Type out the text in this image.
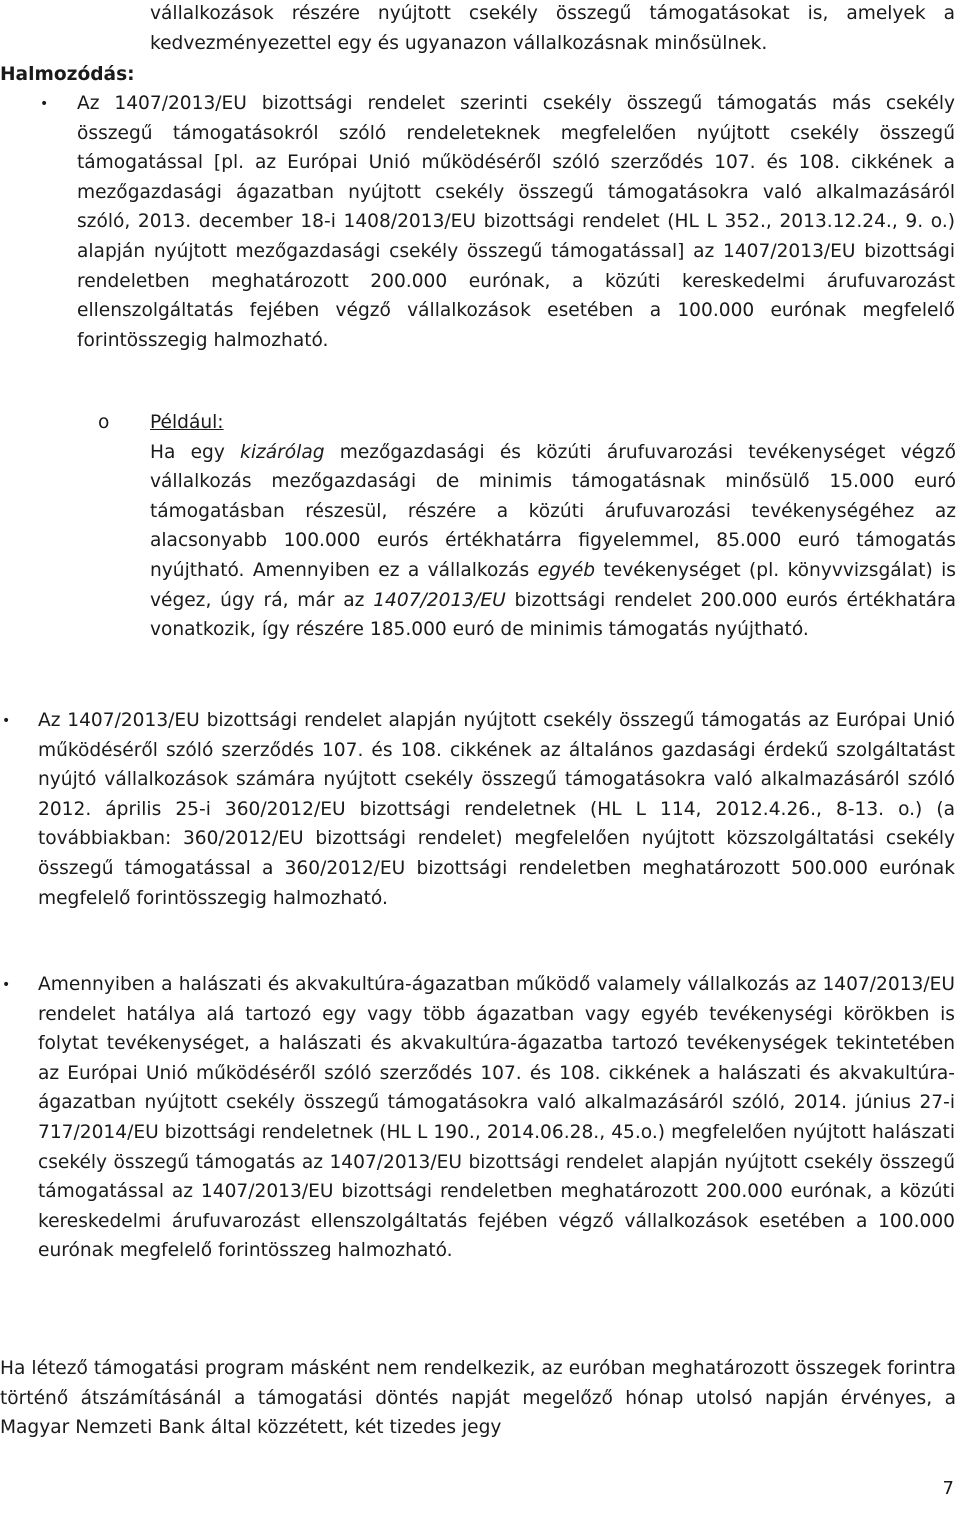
vállalkozások részére nyújtott csekély összegű támogatásokat is, amelyek a kedvezményezettel egy és ugyanazon vállalkozásnak minősülnek.

Halmozódás:

• Az 1407/2013/EU bizottsági rendelet szerinti csekély összegű támogatás más csekély összegű támogatásokról szóló rendeleteknek megfelelően nyújtott csekély összegű támogatással [pl. az Európai Unió működéséről szóló szerződés 107. és 108. cikkének a mezőgazdasági ágazatban nyújtott csekély összegű támogatásokra való alkalmazásáról szóló, 2013. december 18-i 1408/2013/EU bizottsági rendelet (HL L 352., 2013.12.24., 9. o.) alapján nyújtott mezőgazdasági csekély összegű támogatással] az 1407/2013/EU bizottsági rendeletben meghatározott 200.000 eurónak, a közúti kereskedelmi árufuvarozást ellenszolgáltatás fejében végző vállalkozások esetében a 100.000 eurónak megfelelő forintösszegig halmozható.

o Például:

Ha egy kizárólag mezőgazdasági és közúti árufuvarozási tevékenységet végző vállalkozás mezőgazdasági de minimis támogatásnak minősülő 15.000 euró támogatásban részesül, részére a közúti árufuvarozási tevékenységéhez az alacsonyabb 100.000 eurós értékhatárra figyelemmel, 85.000 euró támogatás nyújtható. Amennyiben ez a vállalkozás egyéb tevékenységet (pl. könyvvizsgálat) is végez, úgy rá, már az 1407/2013/EU bizottsági rendelet 200.000 eurós értékhatára vonatkozik, így részére 185.000 euró de minimis támogatás nyújtható.

• Az 1407/2013/EU bizottsági rendelet alapján nyújtott csekély összegű támogatás az Európai Unió működéséről szóló szerződés 107. és 108. cikkének az általános gazdasági érdekű szolgáltatást nyújtó vállalkozások számára nyújtott csekély összegű támogatásokra való alkalmazásáról szóló 2012. április 25-i 360/2012/EU bizottsági rendeletnek (HL L 114, 2012.4.26., 8-13. o.) (a továbbiakban: 360/2012/EU bizottsági rendelet) megfelelően nyújtott közszolgáltatási csekély összegű támogatással a 360/2012/EU bizottsági rendeletben meghatározott 500.000 eurónak megfelelő forintösszegig halmozható.

• Amennyiben a halászati és akvakultúra-ágazatban működő valamely vállalkozás az 1407/2013/EU rendelet hatálya alá tartozó egy vagy több ágazatban vagy egyéb tevékenységi körökben is folytat tevékenységet, a halászati és akvakultúra-ágazatba tartozó tevékenységek tekintetében az Európai Unió működéséről szóló szerződés 107. és 108. cikkének a halászati és akvakultúra- ágazatban nyújtott csekély összegű támogatásokra való alkalmazásáról szóló, 2014. június 27-i 717/2014/EU bizottsági rendeletnek (HL L 190., 2014.06.28., 45.o.) megfelelően nyújtott halászati csekély összegű támogatás az 1407/2013/EU bizottsági rendelet alapján nyújtott csekély összegű támogatással az 1407/2013/EU bizottsági rendeletben meghatározott 200.000 eurónak, a közúti kereskedelmi árufuvarozást ellenszolgáltatás fejében végző vállalkozások esetében a 100.000 eurónak megfelelő forintösszeg halmozható.

Ha létező támogatási program másként nem rendelkezik, az euróban meghatározott összegek forintra történő átszámításánál a támogatási döntés napját megelőző hónap utolsó napján érvényes, a Magyar Nemzeti Bank által közzétett, két tizedes jegy

7
